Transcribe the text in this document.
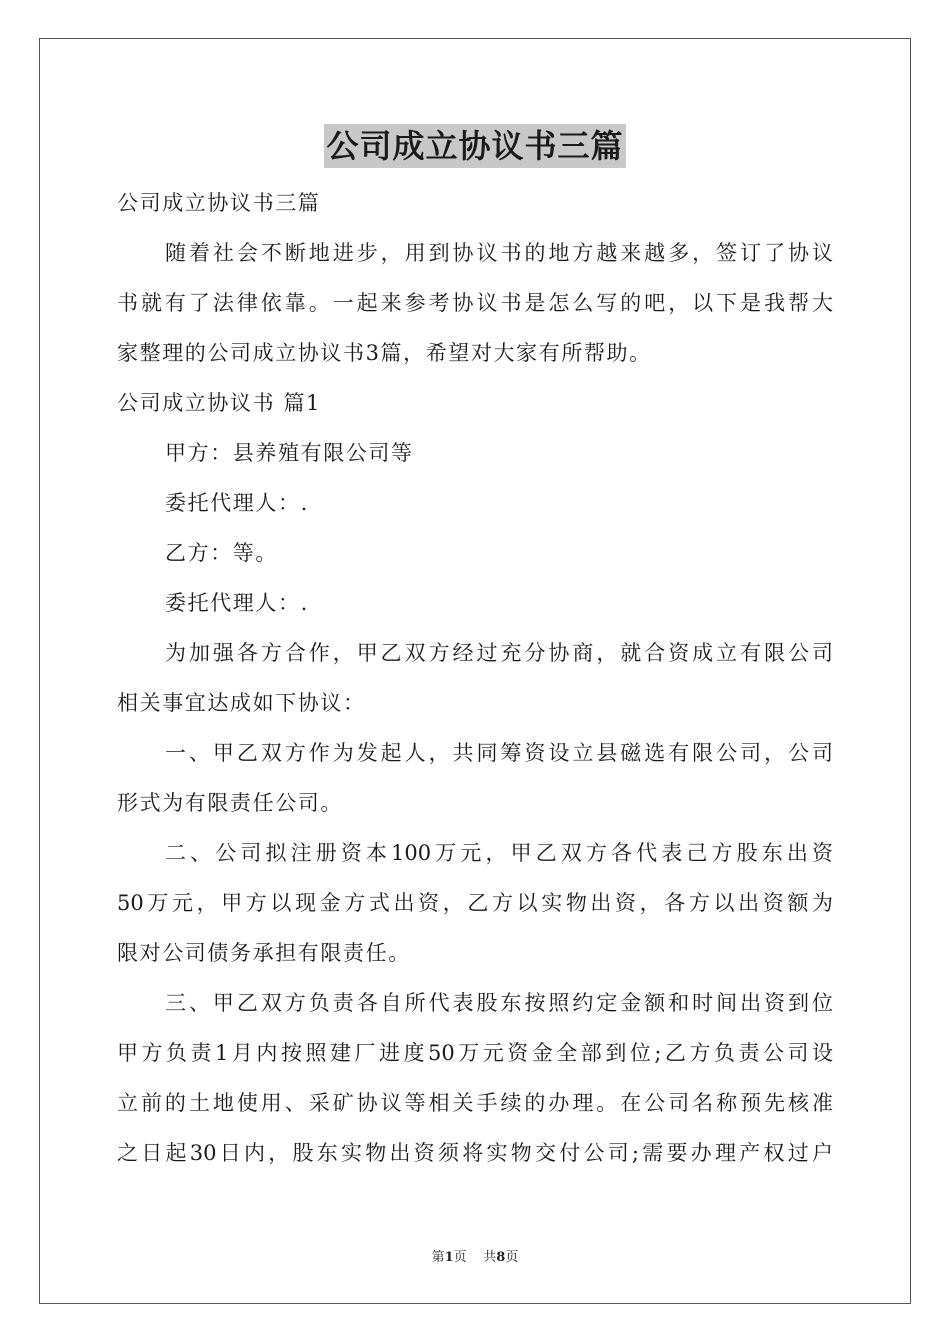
公司成立协议书三篇
公司成立协议书三篇
随着社会不断地进步，用到协议书的地方越来越多，签订了协议
书就有了法律依靠。一起来参考协议书是怎么写的吧，以下是我帮大
家整理的公司成立协议书3篇，希望对大家有所帮助。
公司成立协议书 篇1
甲方：县养殖有限公司等
委托代理人：.
乙方：等。
委托代理人：.
为加强各方合作，甲乙双方经过充分协商，就合资成立有限公司
相关事宜达成如下协议：
一、甲乙双方作为发起人，共同筹资设立县磁选有限公司，公司
形式为有限责任公司。
二、公司拟注册资本100万元，甲乙双方各代表己方股东出资
50万元，甲方以现金方式出资，乙方以实物出资，各方以出资额为
限对公司债务承担有限责任。
三、甲乙双方负责各自所代表股东按照约定金额和时间出资到位
甲方负责1月内按照建厂进度50万元资金全部到位;乙方负责公司设
立前的土地使用、采矿协议等相关手续的办理。在公司名称预先核准
之日起30日内，股东实物出资须将实物交付公司;需要办理产权过户
第1页 共8页
